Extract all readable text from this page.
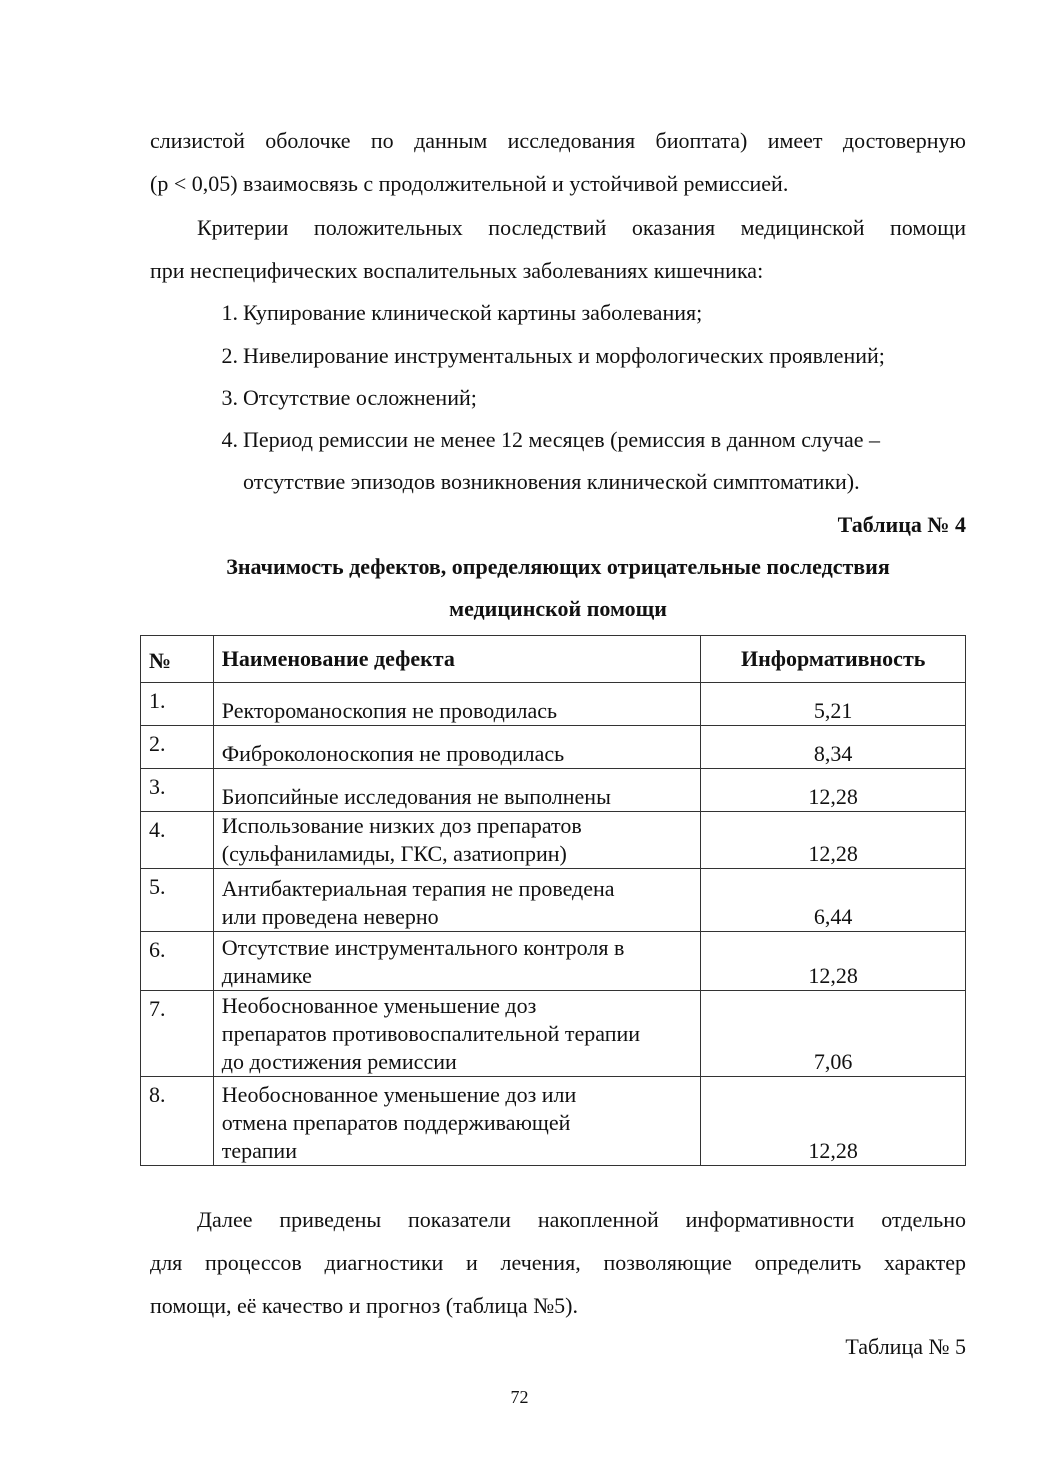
слизистой оболочке по данным исследования биоптата) имеет достоверную
(р < 0,05) взаимосвязь с продолжительной и устойчивой ремиссией.
Критерии положительных последствий оказания медицинской помощи
при неспецифических воспалительных заболеваниях кишечника:
1. Купирование клинической картины заболевания;
2. Нивелирование инструментальных и морфологических проявлений;
3. Отсутствие осложнений;
4. Период ремиссии не менее 12 месяцев (ремиссия в данном случае –
отсутствие эпизодов возникновения клинической симптоматики).
Таблица № 4
Значимость дефектов, определяющих отрицательные последствия
медицинской помощи
№	Наименование дефекта	Информативность
1.	Ректороманоскопия не проводилась	5,21
2.	Фиброколоноскопия не проводилась	8,34
3.	Биопсийные исследования не выполнены	12,28
4.	Использование низких доз препаратов
(сульфаниламиды, ГКС, азатиоприн)	12,28
5.	Антибактериальная терапия не проведена
или проведена неверно	6,44
6.	Отсутствие инструментального контроля в
динамике	12,28
7.	Необоснованное уменьшение доз
препаратов противовоспалительной терапии
до достижения ремиссии	7,06
8.	Необоснованное уменьшение доз или
отмена препаратов поддерживающей
терапии	12,28
Далее приведены показатели накопленной информативности отдельно
для процессов диагностики и лечения, позволяющие определить характер
помощи, её качество и прогноз (таблица №5).
Таблица № 5
72
